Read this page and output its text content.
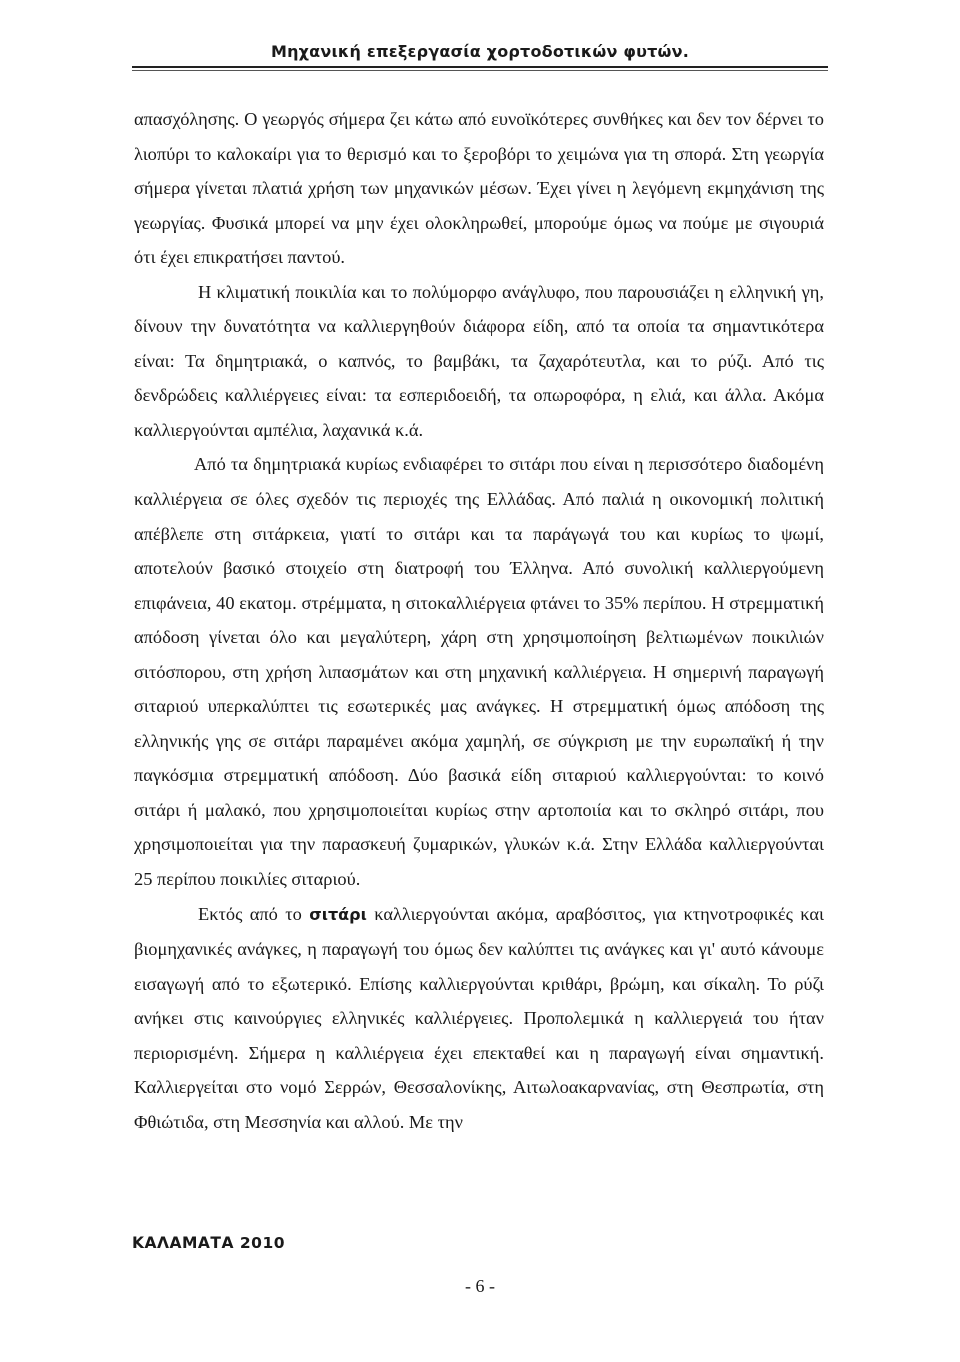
Μηχανική επεξεργασία χορτοδοτικών φυτών.

απασχόλησης. Ο γεωργός σήμερα ζει κάτω από ευνοϊκότερες συνθήκες και δεν τον δέρνει το λιοπύρι το καλοκαίρι για το θερισμό και το ξεροβόρι το χειμώνα για τη σπορά. Στη γεωργία σήμερα γίνεται πλατιά χρήση των μηχανικών μέσων. Έχει γίνει η λεγόμενη εκμηχάνιση της γεωργίας. Φυσικά μπορεί να μην έχει ολοκληρωθεί, μπορούμε όμως να πούμε με σιγουριά ότι έχει επικρατήσει παντού.

Η κλιματική ποικιλία και το πολύμορφο ανάγλυφο, που παρουσιάζει η ελληνική γη, δίνουν την δυνατότητα να καλλιεργηθούν διάφορα είδη, από τα οποία τα σημαντικότερα είναι: Τα δημητριακά, ο καπνός, το βαμβάκι, τα ζαχαρότευτλα, και το ρύζι. Από τις δενδρώδεις καλλιέργειες είναι: τα εσπεριδοειδή, τα οπωροφόρα, η ελιά, και άλλα. Ακόμα καλλιεργούνται αμπέλια, λαχανικά κ.ά.

Από τα δημητριακά κυρίως ενδιαφέρει το σιτάρι που είναι η περισσότερο διαδομένη καλλιέργεια σε όλες σχεδόν τις περιοχές της Ελλάδας. Από παλιά η οικονομική πολιτική απέβλεπε στη σιτάρκεια, γιατί το σιτάρι και τα παράγωγά του και κυρίως το ψωμί, αποτελούν βασικό στοιχείο στη διατροφή του Έλληνα. Από συνολική καλλιεργούμενη επιφάνεια, 40 εκατομ. στρέμματα, η σιτοκαλλιέργεια φτάνει το 35% περίπου. Η στρεμματική απόδοση γίνεται όλο και μεγαλύτερη, χάρη στη χρησιμοποίηση βελτιωμένων ποικιλιών σιτόσπορου, στη χρήση λιπασμάτων και στη μηχανική καλλιέργεια. Η σημερινή παραγωγή σιταριού υπερκαλύπτει τις εσωτερικές μας ανάγκες. Η στρεμματική όμως απόδοση της ελληνικής γης σε σιτάρι παραμένει ακόμα χαμηλή, σε σύγκριση με την ευρωπαϊκή ή την παγκόσμια στρεμματική απόδοση. Δύο βασικά είδη σιταριού καλλιεργούνται: το κοινό σιτάρι ή μαλακό, που χρησιμοποιείται κυρίως στην αρτοποιία και το σκληρό σιτάρι, που χρησιμοποιείται για την παρασκευή ζυμαρικών, γλυκών κ.ά. Στην Ελλάδα καλλιεργούνται 25 περίπου ποικιλίες σιταριού.

Εκτός από το σιτάρι καλλιεργούνται ακόμα, αραβόσιτος, για κτηνοτροφικές και βιομηχανικές ανάγκες, η παραγωγή του όμως δεν καλύπτει τις ανάγκες και γι' αυτό κάνουμε εισαγωγή από το εξωτερικό. Επίσης καλλιεργούνται κριθάρι, βρώμη, και σίκαλη. Το ρύζι ανήκει στις καινούργιες ελληνικές καλλιέργειες. Προπολεμικά η καλλιεργειά του ήταν περιορισμένη. Σήμερα η καλλιέργεια έχει επεκταθεί και η παραγωγή είναι σημαντική. Καλλιεργείται στο νομό Σερρών, Θεσσαλονίκης, Αιτωλοακαρνανίας, στη Θεσπρωτία, στη Φθιώτιδα, στη Μεσσηνία και αλλού. Με την

ΚΑΛΑΜΑΤΑ 2010
- 6 -
